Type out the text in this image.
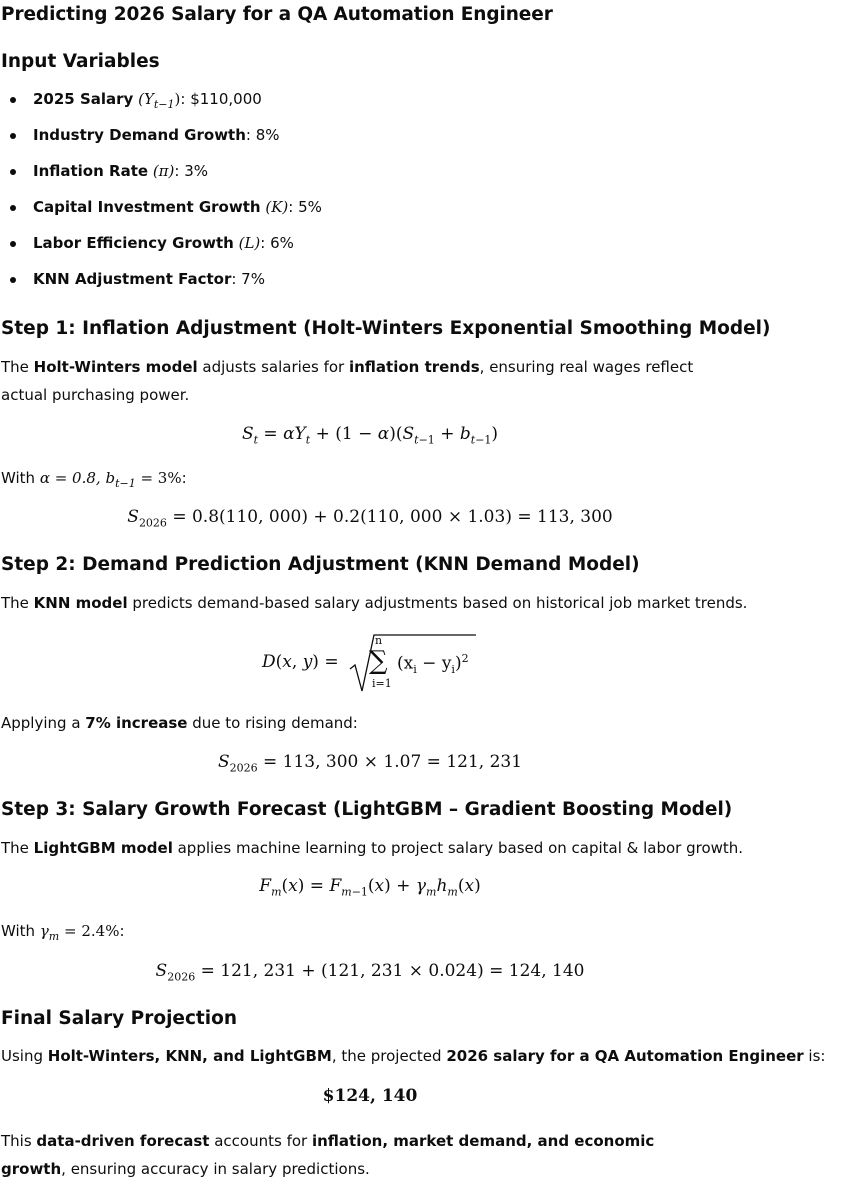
Predicting 2026 Salary for a QA Automation Engineer
Input Variables
2025 Salary $(Y_{t-1})$: $110,000
Industry Demand Growth: 8%
Inflation Rate (π): 3%
Capital Investment Growth (K): 5%
Labor Efficiency Growth (L): 6%
KNN Adjustment Factor: 7%
Step 1: Inflation Adjustment (Holt-Winters Exponential Smoothing Model)
The Holt-Winters model adjusts salaries for inflation trends, ensuring real wages reflect actual purchasing power.
$S_t = \alpha Y_t + (1 - \alpha)(S_{t-1} + b_{t-1})$
With α = 0.8, $b_{t-1} = 3\%$:
$S_{2026} = 0.8(110$, 000) + 0.2(110, 000 × 1.03) = 113, 300
Step 2: Demand Prediction Adjustment (KNN Demand Model)
The KNN model predicts demand-based salary adjustments based on historical job market trends.
D(x, y) =
n
∑
i=1
$(x_i - y_i)^2$
Applying a 7% increase due to rising demand:
$S_{2026} = 113$, 300 × 1.07 = 121, 231
Step 3: Salary Growth Forecast (LightGBM – Gradient Boosting Model)
The LightGBM model applies machine learning to project salary based on capital & labor growth.
$F_m(x) = F_{m-1}(x) + \gamma_mh_m(x)$
With $\gamma_m = 2.4\%$:
$S_{2026} = 121$, 231 + (121, 231 × 0.024) = 124, 140
Final Salary Projection
Using Holt-Winters, KNN, and LightGBM, the projected 2026 salary for a QA Automation Engineer is:
$124, 140
This data-driven forecast accounts for inflation, market demand, and economic growth, ensuring accuracy in salary predictions.
